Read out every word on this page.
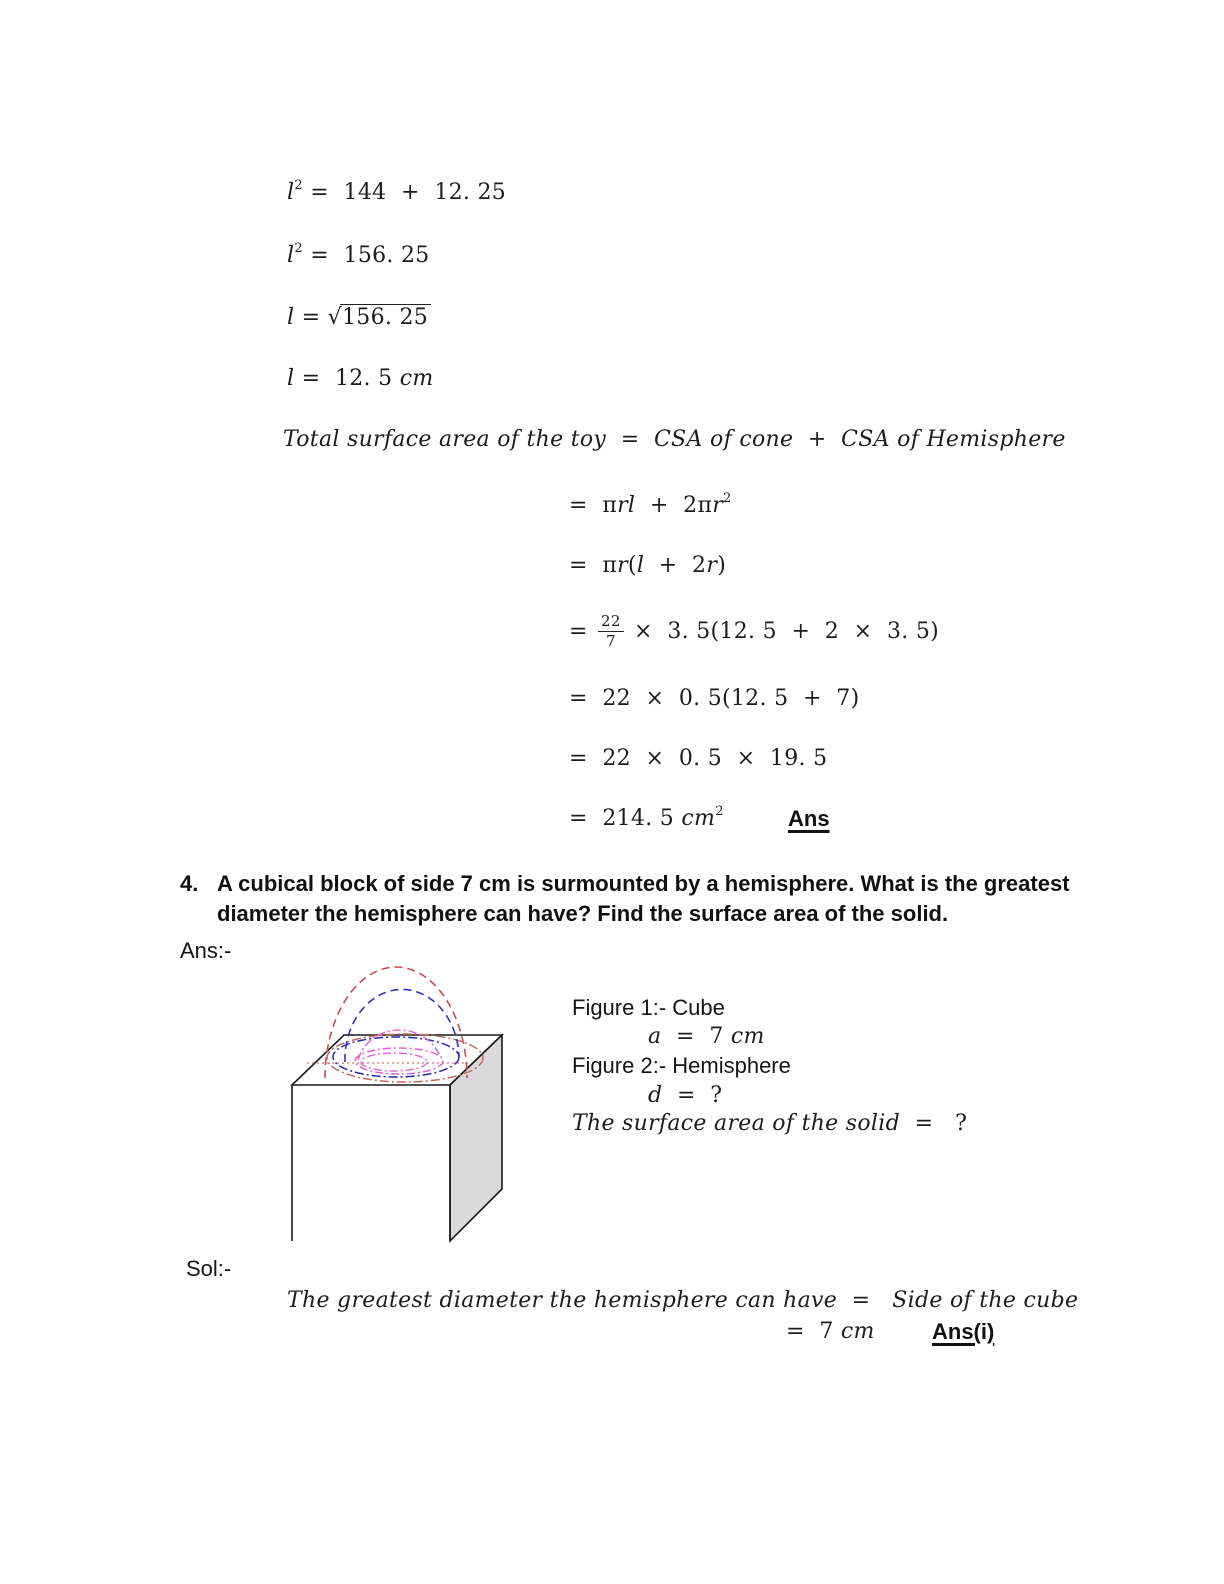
$l^2 = 144 + 12$. 25
$l^2 = 156$. 25
l = √156. 25
l =  12. 5 cm
Total surface area of the toy  =  CSA of cone  +  CSA of Hemisphere
=  $\pi rl + 2\pi r^2$
=  πr(l  +  2r)
= $\frac{22}{7} \times 3$. 5(12. 5  +  2  ×  3. 5)
=  22  ×  0. 5(12. 5  +  7)
=  22  ×  0. 5  ×  19. 5
=  214. 5 $cm^2$	Ans
4. A cubical block of side 7 cm is surmounted by a hemisphere. What is the greatest
diameter the hemisphere can have? Find the surface area of the solid.
Ans:-
Figure 1:- Cube
a  =  7 cm
Figure 2:- Hemisphere
d  =  ?
The surface area of the solid  =   ?
Sol:-
The greatest diameter the hemisphere can have  =   Side of the cube
=  7 cm	Ans(i)
